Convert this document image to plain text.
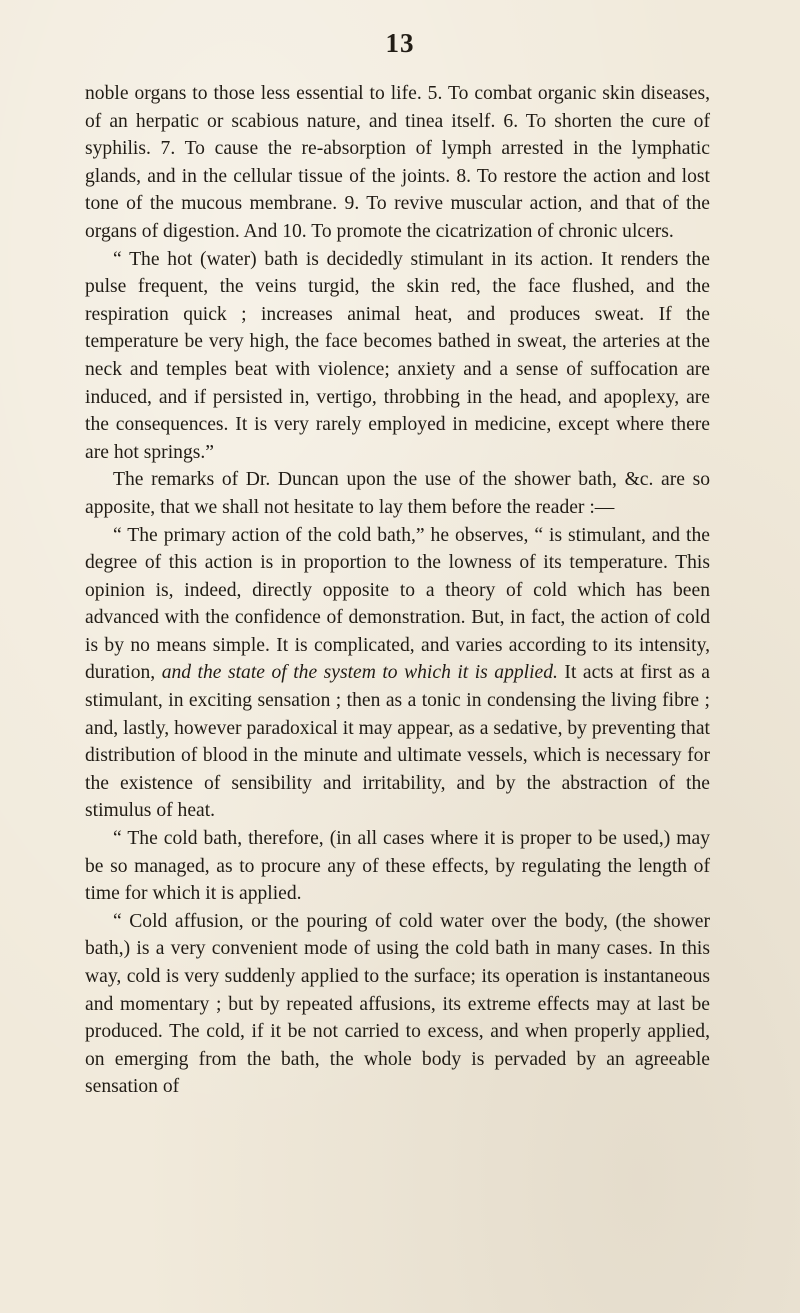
13

noble organs to those less essential to life. 5. To combat organic skin diseases, of an herpatic or scabious nature, and tinea itself. 6. To shorten the cure of syphilis. 7. To cause the re-absorption of lymph arrested in the lymphatic glands, and in the cellular tissue of the joints. 8. To restore the action and lost tone of the mucous membrane. 9. To revive muscular action, and that of the organs of digestion. And 10. To promote the cicatrization of chronic ulcers.

“ The hot (water) bath is decidedly stimulant in its action. It renders the pulse frequent, the veins turgid, the skin red, the face flushed, and the respiration quick ; increases animal heat, and produces sweat. If the temperature be very high, the face becomes bathed in sweat, the arteries at the neck and temples beat with violence; anxiety and a sense of suffocation are induced, and if persisted in, vertigo, throbbing in the head, and apoplexy, are the consequences. It is very rarely employed in medicine, except where there are hot springs.”

The remarks of Dr. Duncan upon the use of the shower bath, &c. are so apposite, that we shall not hesitate to lay them before the reader :—

“ The primary action of the cold bath,” he observes, “ is stimulant, and the degree of this action is in proportion to the lowness of its temperature. This opinion is, indeed, directly opposite to a theory of cold which has been advanced with the confidence of demonstration. But, in fact, the action of cold is by no means simple. It is complicated, and varies according to its intensity, duration, and the state of the system to which it is applied. It acts at first as a stimulant, in exciting sensation ; then as a tonic in condensing the living fibre ; and, lastly, however paradoxical it may appear, as a sedative, by preventing that distribution of blood in the minute and ultimate vessels, which is necessary for the existence of sensibility and irritability, and by the abstraction of the stimulus of heat.

“ The cold bath, therefore, (in all cases where it is proper to be used,) may be so managed, as to procure any of these effects, by regulating the length of time for which it is applied.

“ Cold affusion, or the pouring of cold water over the body, (the shower bath,) is a very convenient mode of using the cold bath in many cases. In this way, cold is very suddenly applied to the surface; its operation is instantaneous and momentary ; but by repeated affusions, its extreme effects may at last be produced. The cold, if it be not carried to excess, and when properly applied, on emerging from the bath, the whole body is pervaded by an agreeable sensation of
